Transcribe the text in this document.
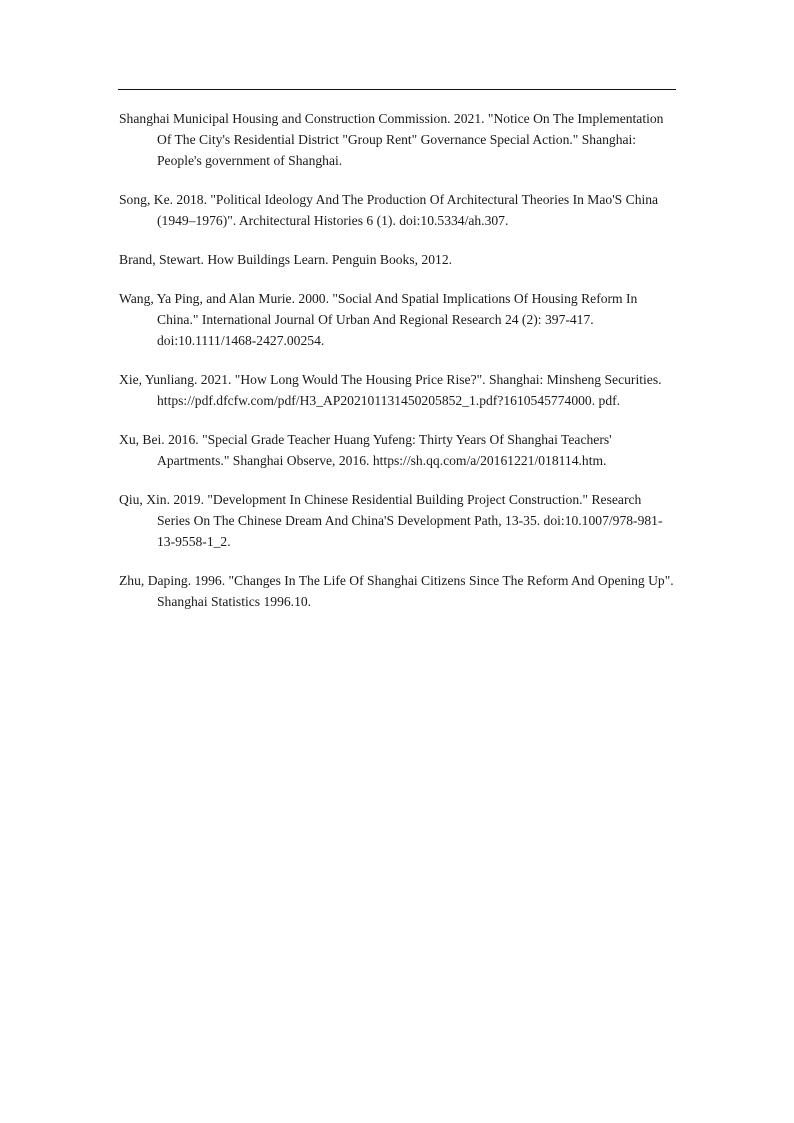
Shanghai Municipal Housing and Construction Commission. 2021. "Notice On The Implementation Of The City's Residential District "Group Rent" Governance Special Action." Shanghai: People's government of Shanghai.

Song, Ke. 2018. "Political Ideology And The Production Of Architectural Theories In Mao'S China (1949–1976)". Architectural Histories 6 (1). doi:10.5334/ah.307.

Brand, Stewart. How Buildings Learn. Penguin Books, 2012.

Wang, Ya Ping, and Alan Murie. 2000. "Social And Spatial Implications Of Housing Reform In China." International Journal Of Urban And Regional Research 24 (2): 397-417. doi:10.1111/1468-2427.00254.

Xie, Yunliang. 2021. "How Long Would The Housing Price Rise?". Shanghai: Minsheng Securities. https://pdf.dfcfw.com/pdf/H3_AP202101131450205852_1.pdf?1610545774000. pdf.

Xu, Bei. 2016. "Special Grade Teacher Huang Yufeng: Thirty Years Of Shanghai Teachers' Apartments." Shanghai Observe, 2016. https://sh.qq.com/a/20161221/018114.htm.

Qiu, Xin. 2019. "Development In Chinese Residential Building Project Construction." Research Series On The Chinese Dream And China'S Development Path, 13-35. doi:10.1007/978-981-13-9558-1_2.

Zhu, Daping. 1996. "Changes In The Life Of Shanghai Citizens Since The Reform And Opening Up". Shanghai Statistics 1996.10.
